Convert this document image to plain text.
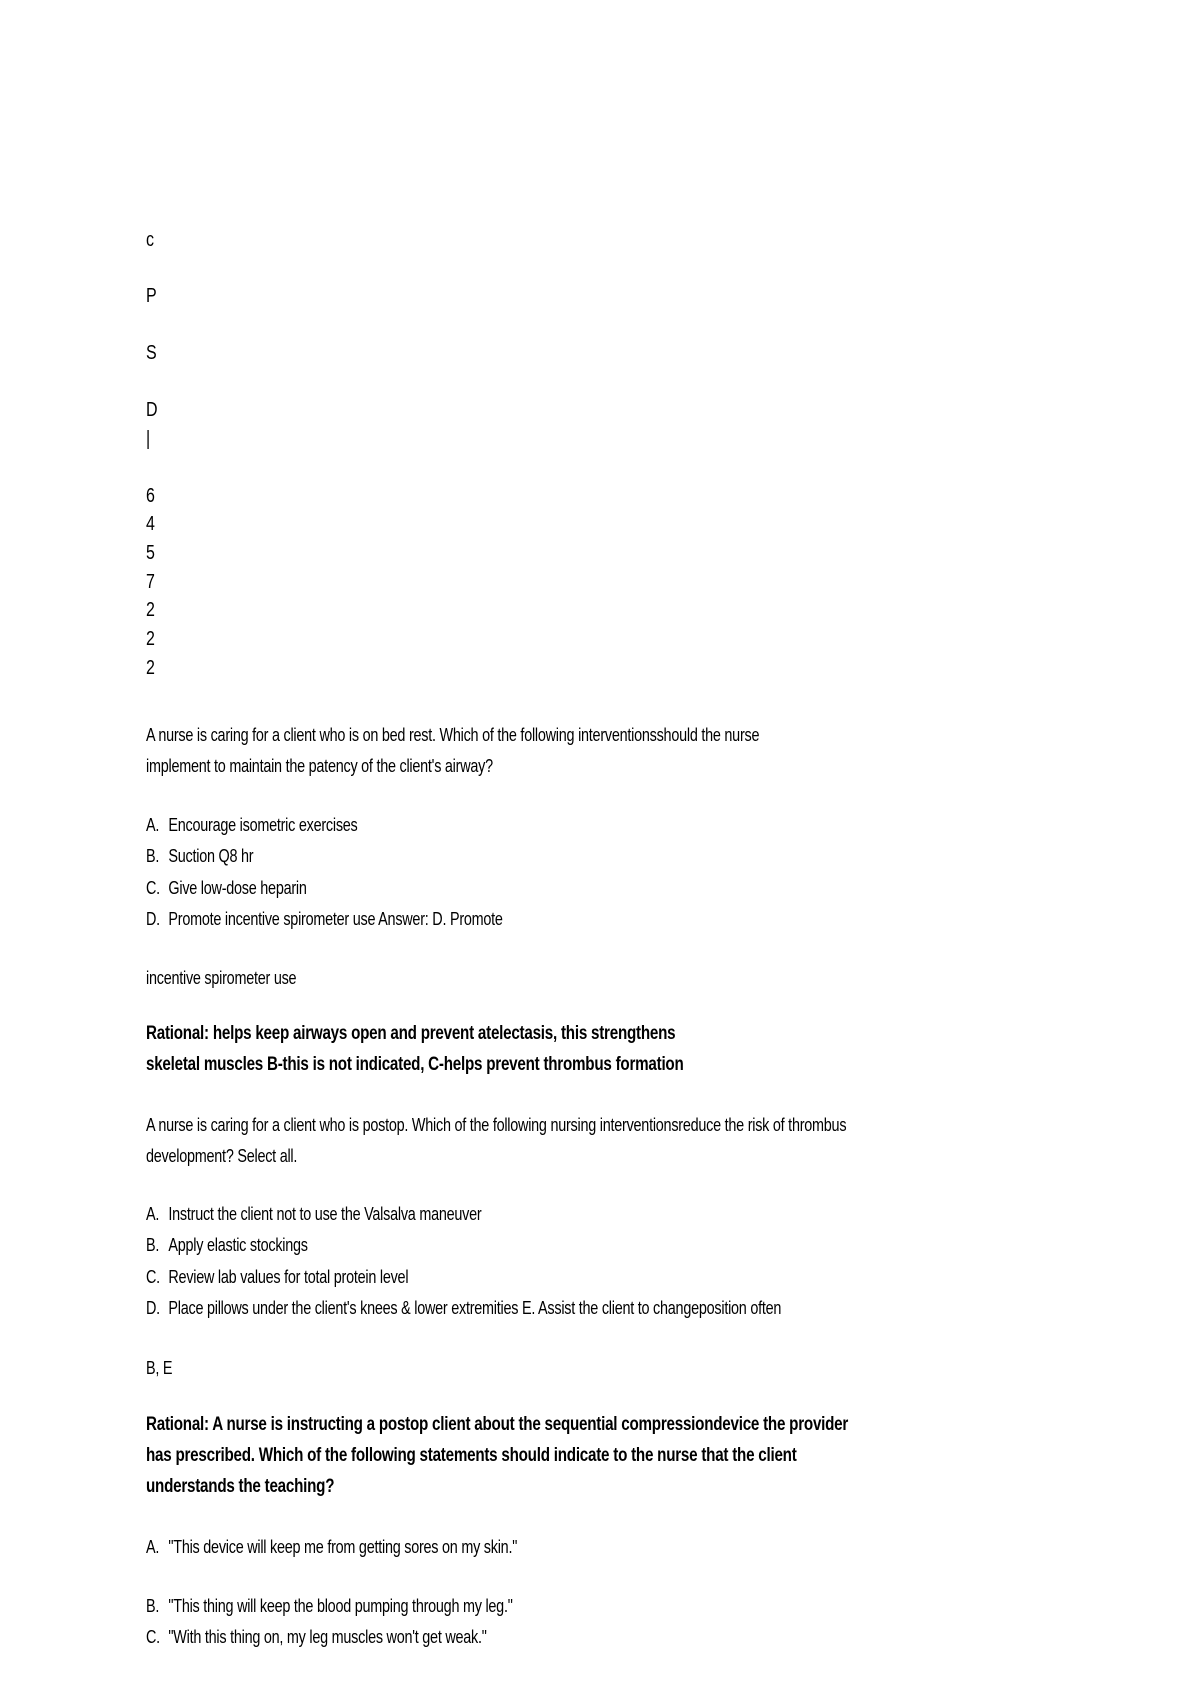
c

P

S

D

|

6

4

5

7

2

2

2

A nurse is caring for a client who is on bed rest. Which of the following interventionsshould the nurse

implement to maintain the patency of the client's airway?

A. Encourage isometric exercises

B. Suction Q8 hr

C. Give low-dose heparin

D. Promote incentive spirometer use Answer: D. Promote

incentive spirometer use

Rational: helps keep airways open and prevent atelectasis, this strengthens

skeletal muscles B-this is not indicated, C-helps prevent thrombus formation

A nurse is caring for a client who is postop. Which of the following nursing interventionsreduce the risk of thrombus

development? Select all.

A. Instruct the client not to use the Valsalva maneuver

B. Apply elastic stockings

C. Review lab values for total protein level

D. Place pillows under the client's knees & lower extremities E. Assist the client to changeposition often

B, E

Rational: A nurse is instructing a postop client about the sequential compressiondevice the provider

has prescribed. Which of the following statements should indicate to the nurse that the client

understands the teaching?

A. "This device will keep me from getting sores on my skin."

B. "This thing will keep the blood pumping through my leg."

C. "With this thing on, my leg muscles won't get weak."
